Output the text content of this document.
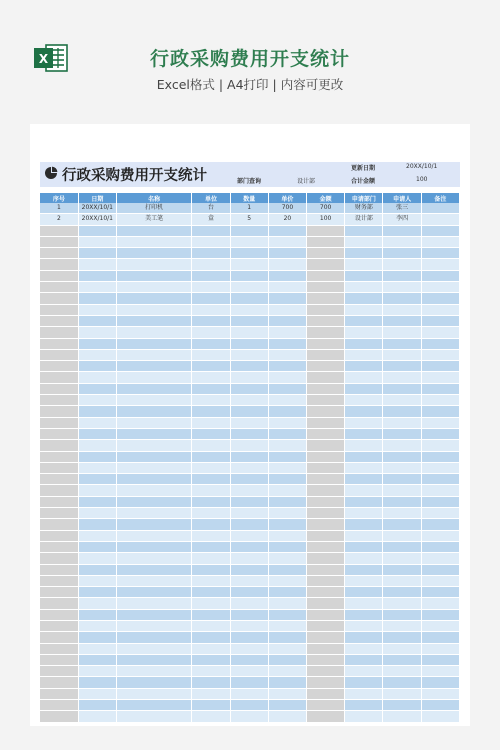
X	行政采购费用开支统计
Excel格式 | A4打印 | 内容可更改
行政采购费用开支统计	更新日期	20XX/10/1
部门查询	设计部	合计金额	100
序号	日期	名称	单位	数量	单价	金额	申请部门	申请人	备注
1	20XX/10/1	打印机	台	1	700	700	财务部	张三	
2	20XX/10/1	美工笔	盒	5	20	100	设计部	李四	
